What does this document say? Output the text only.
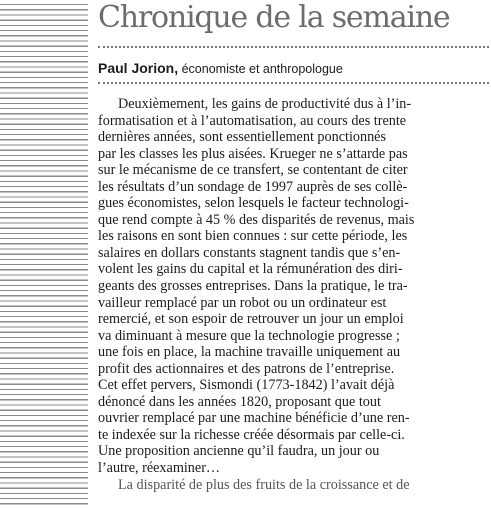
Chronique de la semaine
Paul Jorion, économiste et anthropologue
Deuxièmement, les gains de productivité dus à l’in-
formatisation et à l’automatisation, au cours des trente
dernières années, sont essentiellement ponctionnés
par les classes les plus aisées. Krueger ne s’attarde pas
sur le mécanisme de ce transfert, se contentant de citer
les résultats d’un sondage de 1997 auprès de ses collè-
gues économistes, selon lesquels le facteur technologi-
que rend compte à 45 % des disparités de revenus, mais
les raisons en sont bien connues : sur cette période, les
salaires en dollars constants stagnent tandis que s’en-
volent les gains du capital et la rémunération des diri-
geants des grosses entreprises. Dans la pratique, le tra-
vailleur remplacé par un robot ou un ordinateur est
remercié, et son espoir de retrouver un jour un emploi
va diminuant à mesure que la technologie progresse ;
une fois en place, la machine travaille uniquement au
profit des actionnaires et des patrons de l’entreprise.
Cet effet pervers, Sismondi (1773-1842) l’avait déjà
dénoncé dans les années 1820, proposant que tout
ouvrier remplacé par une machine bénéficie d’une ren-
te indexée sur la richesse créée désormais par celle-ci.
Une proposition ancienne qu’il faudra, un jour ou
l’autre, réexaminer…
La disparité de plus des fruits de la croissance et de
